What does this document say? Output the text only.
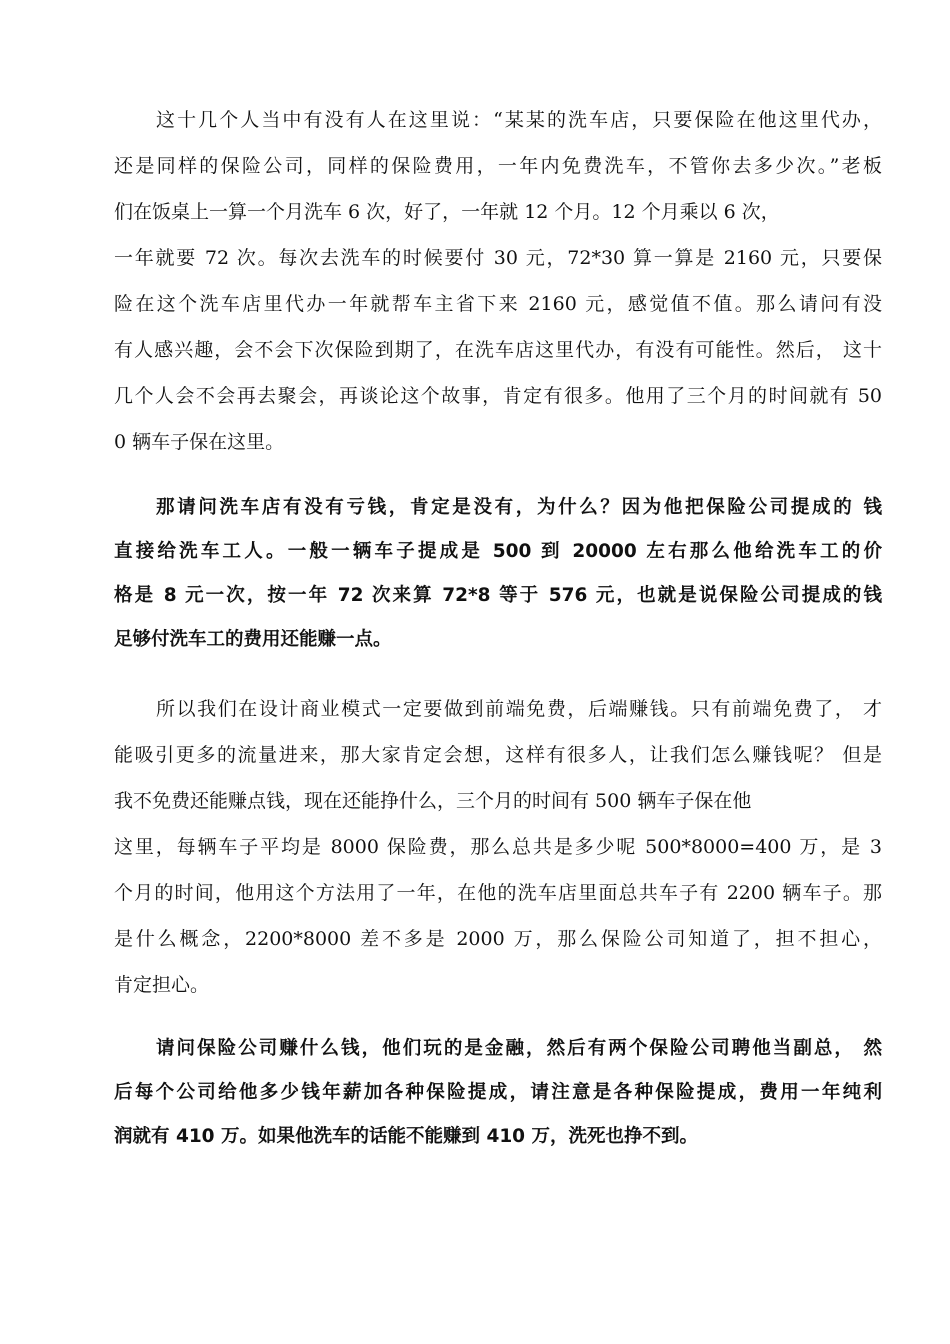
这十几个人当中有没有人在这里说：“某某的洗车店，只要保险在他这里代办，
还是同样的保险公司，同样的保险费用，一年内免费洗车，不管你去多少次。”老板
们在饭桌上一算一个月洗车 6 次，好了，一年就 12 个月。12 个月乘以 6 次，
一年就要 72 次。每次去洗车的时候要付 30 元，72*30 算一算是 2160 元，只要保
险在这个洗车店里代办一年就帮车主省下来 2160 元，感觉值不值。那么请问有没
有人感兴趣，会不会下次保险到期了，在洗车店这里代办，有没有可能性。然后， 这十
几个人会不会再去聚会，再谈论这个故事，肯定有很多。他用了三个月的时间就有 50
0 辆车子保在这里。
那请问洗车店有没有亏钱，肯定是没有，为什么？因为他把保险公司提成的 钱
直接给洗车工人。一般一辆车子提成是 500 到 20000 左右那么他给洗车工的价
格是 8 元一次，按一年 72 次来算 72*8 等于 576 元，也就是说保险公司提成的钱
足够付洗车工的费用还能赚一点。
所以我们在设计商业模式一定要做到前端免费，后端赚钱。只有前端免费了， 才
能吸引更多的流量进来，那大家肯定会想，这样有很多人，让我们怎么赚钱呢？ 但是
我不免费还能赚点钱，现在还能挣什么，三个月的时间有 500 辆车子保在他
这里，每辆车子平均是 8000 保险费，那么总共是多少呢 500*8000=400 万，是 3
个月的时间，他用这个方法用了一年，在他的洗车店里面总共车子有 2200 辆车子。那
是什么概念，2200*8000 差不多是 2000 万，那么保险公司知道了，担不担心，
肯定担心。
请问保险公司赚什么钱，他们玩的是金融，然后有两个保险公司聘他当副总， 然
后每个公司给他多少钱年薪加各种保险提成，请注意是各种保险提成，费用一年纯利
润就有 410 万。如果他洗车的话能不能赚到 410 万，洗死也挣不到。
